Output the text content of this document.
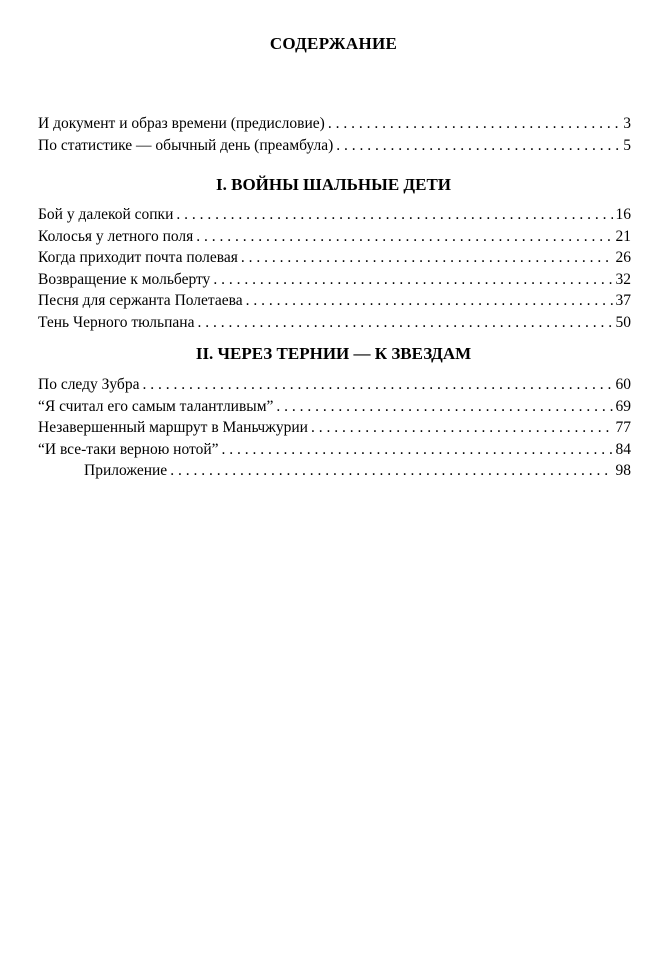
СОДЕРЖАНИЕ
И документ и образ времени (предисловие) . . .	3
По статистике — обычный день (преамбула) . . .	5
I. ВОЙНЫ ШАЛЬНЫЕ ДЕТИ
Бой у далекой сопки . . .	16
Колосья у летного поля . . .	21
Когда приходит почта полевая . . .	26
Возвращение к мольберту . . .	32
Песня для сержанта Полетаева . . .	37
Тень Черного тюльпана . . .	50
II. ЧЕРЕЗ ТЕРНИИ — К ЗВЕЗДАМ
По следу Зубра . . .	60
“Я считал его самым талантливым” . . .	69
Незавершенный маршрут в Маньчжурии . . .	77
“И все-таки верною нотой” . . .	84
Приложение . . .	98
